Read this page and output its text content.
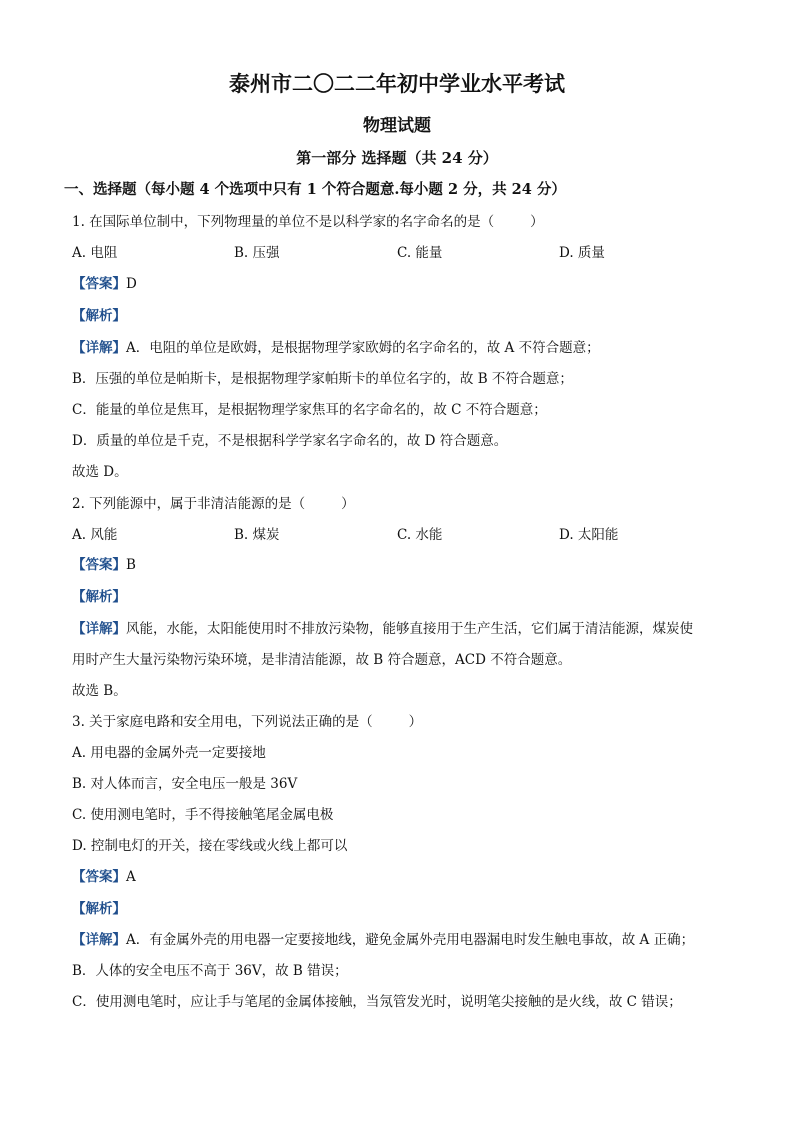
泰州市二〇二二年初中学业水平考试
物理试题
第一部分 选择题（共 24 分）
一、选择题（每小题 4 个选项中只有 1 个符合题意.每小题 2 分，共 24 分）
1. 在国际单位制中，下列物理量的单位不是以科学家的名字命名的是（	）
A. 电阻	B. 压强	C. 能量	D. 质量
【答案】D
【解析】
【详解】A．电阻的单位是欧姆，是根据物理学家欧姆的名字命名的，故 A 不符合题意；
B．压强的单位是帕斯卡，是根据物理学家帕斯卡的单位名字的，故 B 不符合题意；
C．能量的单位是焦耳，是根据物理学家焦耳的名字命名的，故 C 不符合题意；
D．质量的单位是千克，不是根据科学学家名字命名的，故 D 符合题意。
故选 D。
2. 下列能源中，属于非清洁能源的是（	）
A. 风能	B. 煤炭	C. 水能	D. 太阳能
【答案】B
【解析】
【详解】风能，水能，太阳能使用时不排放污染物，能够直接用于生产生活，它们属于清洁能源，煤炭使
用时产生大量污染物污染环境，是非清洁能源，故 B 符合题意，ACD 不符合题意。
故选 B。
3. 关于家庭电路和安全用电，下列说法正确的是（	）
A. 用电器的金属外壳一定要接地
B. 对人体而言，安全电压一般是 36V
C. 使用测电笔时，手不得接触笔尾金属电极
D. 控制电灯的开关，接在零线或火线上都可以
【答案】A
【解析】
【详解】A．有金属外壳的用电器一定要接地线，避免金属外壳用电器漏电时发生触电事故，故 A 正确；
B．人体的安全电压不高于 36V，故 B 错误；
C．使用测电笔时，应让手与笔尾的金属体接触，当氖管发光时，说明笔尖接触的是火线，故 C 错误；
